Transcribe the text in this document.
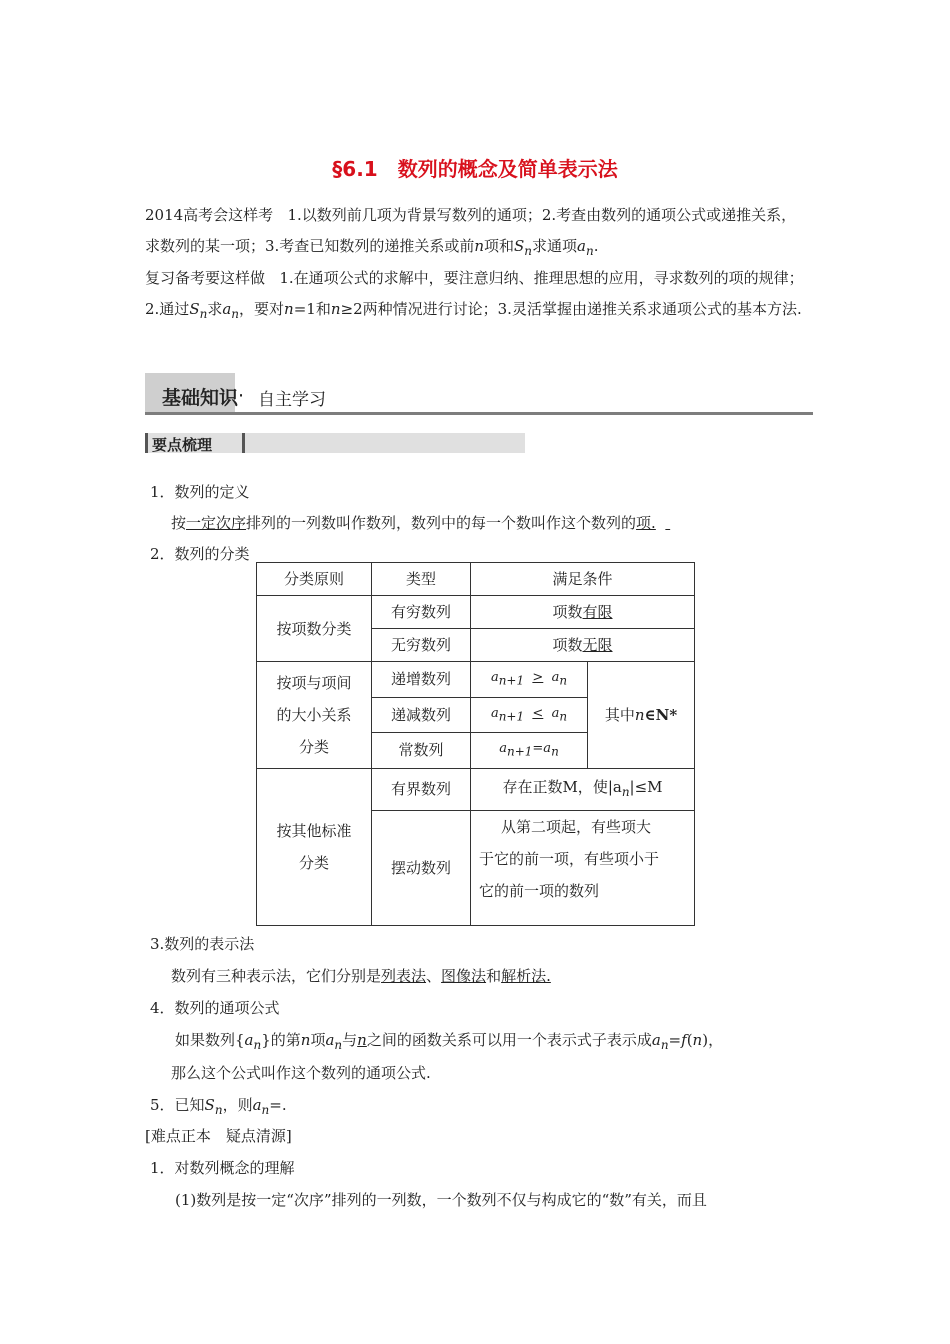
§6.1　数列的概念及简单表示法
2014高考会这样考 1.以数列前几项为背景写数列的通项；2.考查由数列的通项公式或递推关系，求数列的某一项；3.考查已知数列的递推关系或前n项和$S_n$求通项$a_n$.
复习备考要这样做 1.在通项公式的求解中，要注意归纳、推理思想的应用，寻求数列的项的规律；2.通过$S_n$求$a_n$，要对n=1和n≥2两种情况进行讨论；3.灵活掌握由递推关系求通项公式的基本方法.
基础知识 · 自主学习
要点梳理
1．数列的定义
按一定次序排列的一列数叫作数列，数列中的每一个数叫作这个数列的项.
2．数列的分类
分类原则	类型	满足条件	
按项数分类	有穷数列	项数有限	
	无穷数列	项数无限	

按项与项间
的大小关系
分类	递增数列	$a_{n+1} > a_n$	其中n∈N*
	递减数列	$a_{n+1} < a_n$
	常数列	$a_{n+1}=a_n$

按其他标准
分类	有界数列	存在正数M，使$|a_n|\le M$	
	摆动数列	从第二项起，有些项大
于它的前一项，有些项小于
它的前一项的数列	
3.数列的表示法
数列有三种表示法，它们分别是列表法、图像法和解析法.
4．数列的通项公式
如果数列$\{a_n\}$的第n项$a_n$与n之间的函数关系可以用一个表示式子表示成$a_n=f(n)$，
那么这个公式叫作这个数列的通项公式.
5．已知$S_n$，则$a_n=$.
[难点正本　疑点清源]
1．对数列概念的理解
(1)数列是按一定“次序”排列的一列数，一个数列不仅与构成它的“数”有关，而且
